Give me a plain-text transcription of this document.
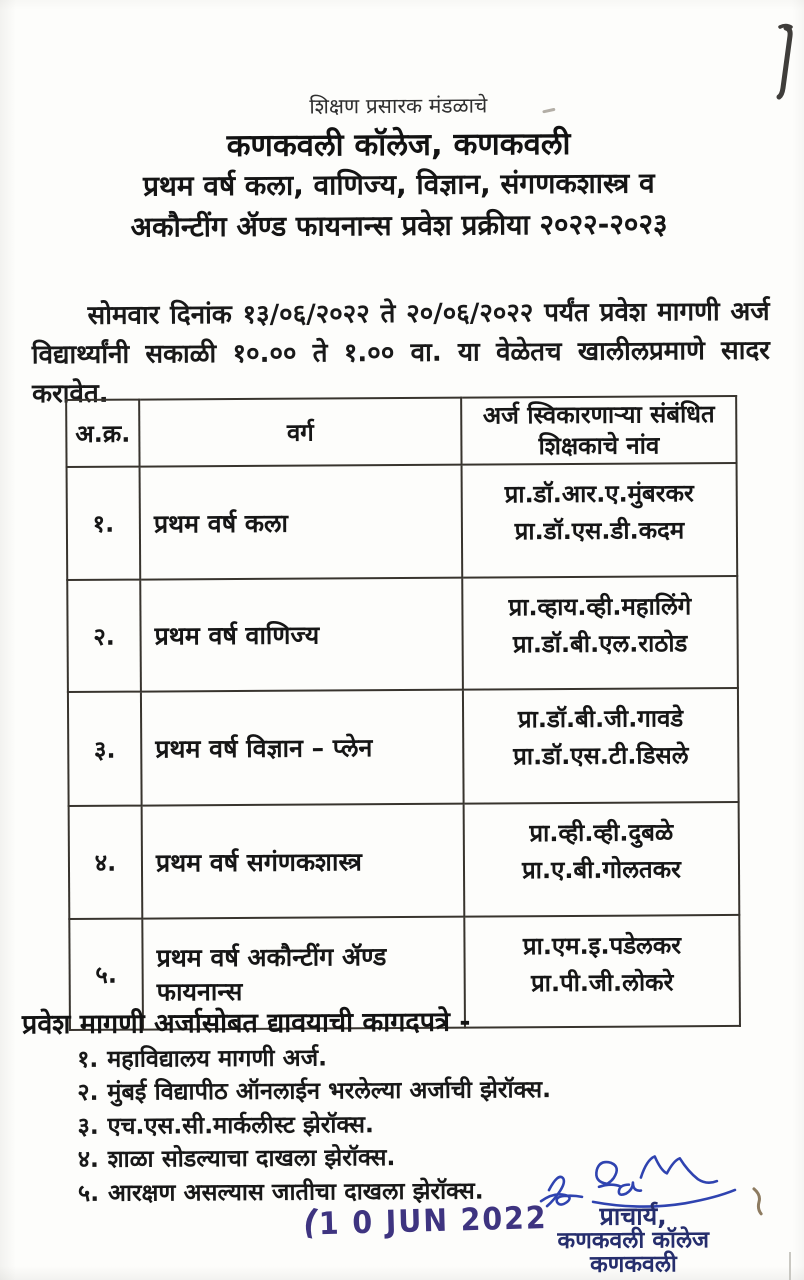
शिक्षण प्रसारक मंडळाचे
कणकवली कॉलेज, कणकवली
प्रथम वर्ष कला, वाणिज्य, विज्ञान, संगणकशास्त्र व
अकौन्टींग ॲण्ड फायनान्स प्रवेश प्रक्रीया २०२२-२०२३

सोमवार दिनांक १३/०६/२०२२ ते २०/०६/२०२२ पर्यंत प्रवेश मागणी अर्ज विद्यार्थ्यांनी सकाळी १०.०० ते १.०० वा. या वेळेतच खालीलप्रमाणे सादर करावेत.

अ.क्र.	वर्ग	अर्ज स्विकारणाऱ्या संबंधित
शिक्षकाचे नांव

१.	प्रथम वर्ष कला	प्रा.डॉ.आर.ए.मुंबरकर
प्रा.डॉ.एस.डी.कदम

२.	प्रथम वर्ष वाणिज्य	प्रा.व्हाय.व्ही.महालिंगे
प्रा.डॉ.बी.एल.राठोड

३.	प्रथम वर्ष विज्ञान – प्लेन	प्रा.डॉ.बी.जी.गावडे
प्रा.डॉ.एस.टी.डिसले

४.	प्रथम वर्ष सगंणकशास्त्र	प्रा.व्ही.व्ही.दुबळे
प्रा.ए.बी.गोलतकर

५.	प्रथम वर्ष अकौन्टींग ॲण्ड फायनान्स	प्रा.एम.इ.पडेलकर
प्रा.पी.जी.लोकरे
प्रवेश मागणी अर्जासोबत द्यावयाची कागदपत्रे -
१. महाविद्यालय मागणी अर्ज.
२. मुंबई विद्यापीठ ऑनलाईन भरलेल्या अर्जाची झेरॉक्स.
३. एच.एस.सी.मार्कलीस्ट झेरॉक्स.
४. शाळा सोडल्याचा दाखला झेरॉक्स.
५. आरक्षण असल्यास जातीचा दाखला झेरॉक्स.
(
1 0 JUN 2022	प्राचार्य,
कणकवली कॉलेज
कणकवली
